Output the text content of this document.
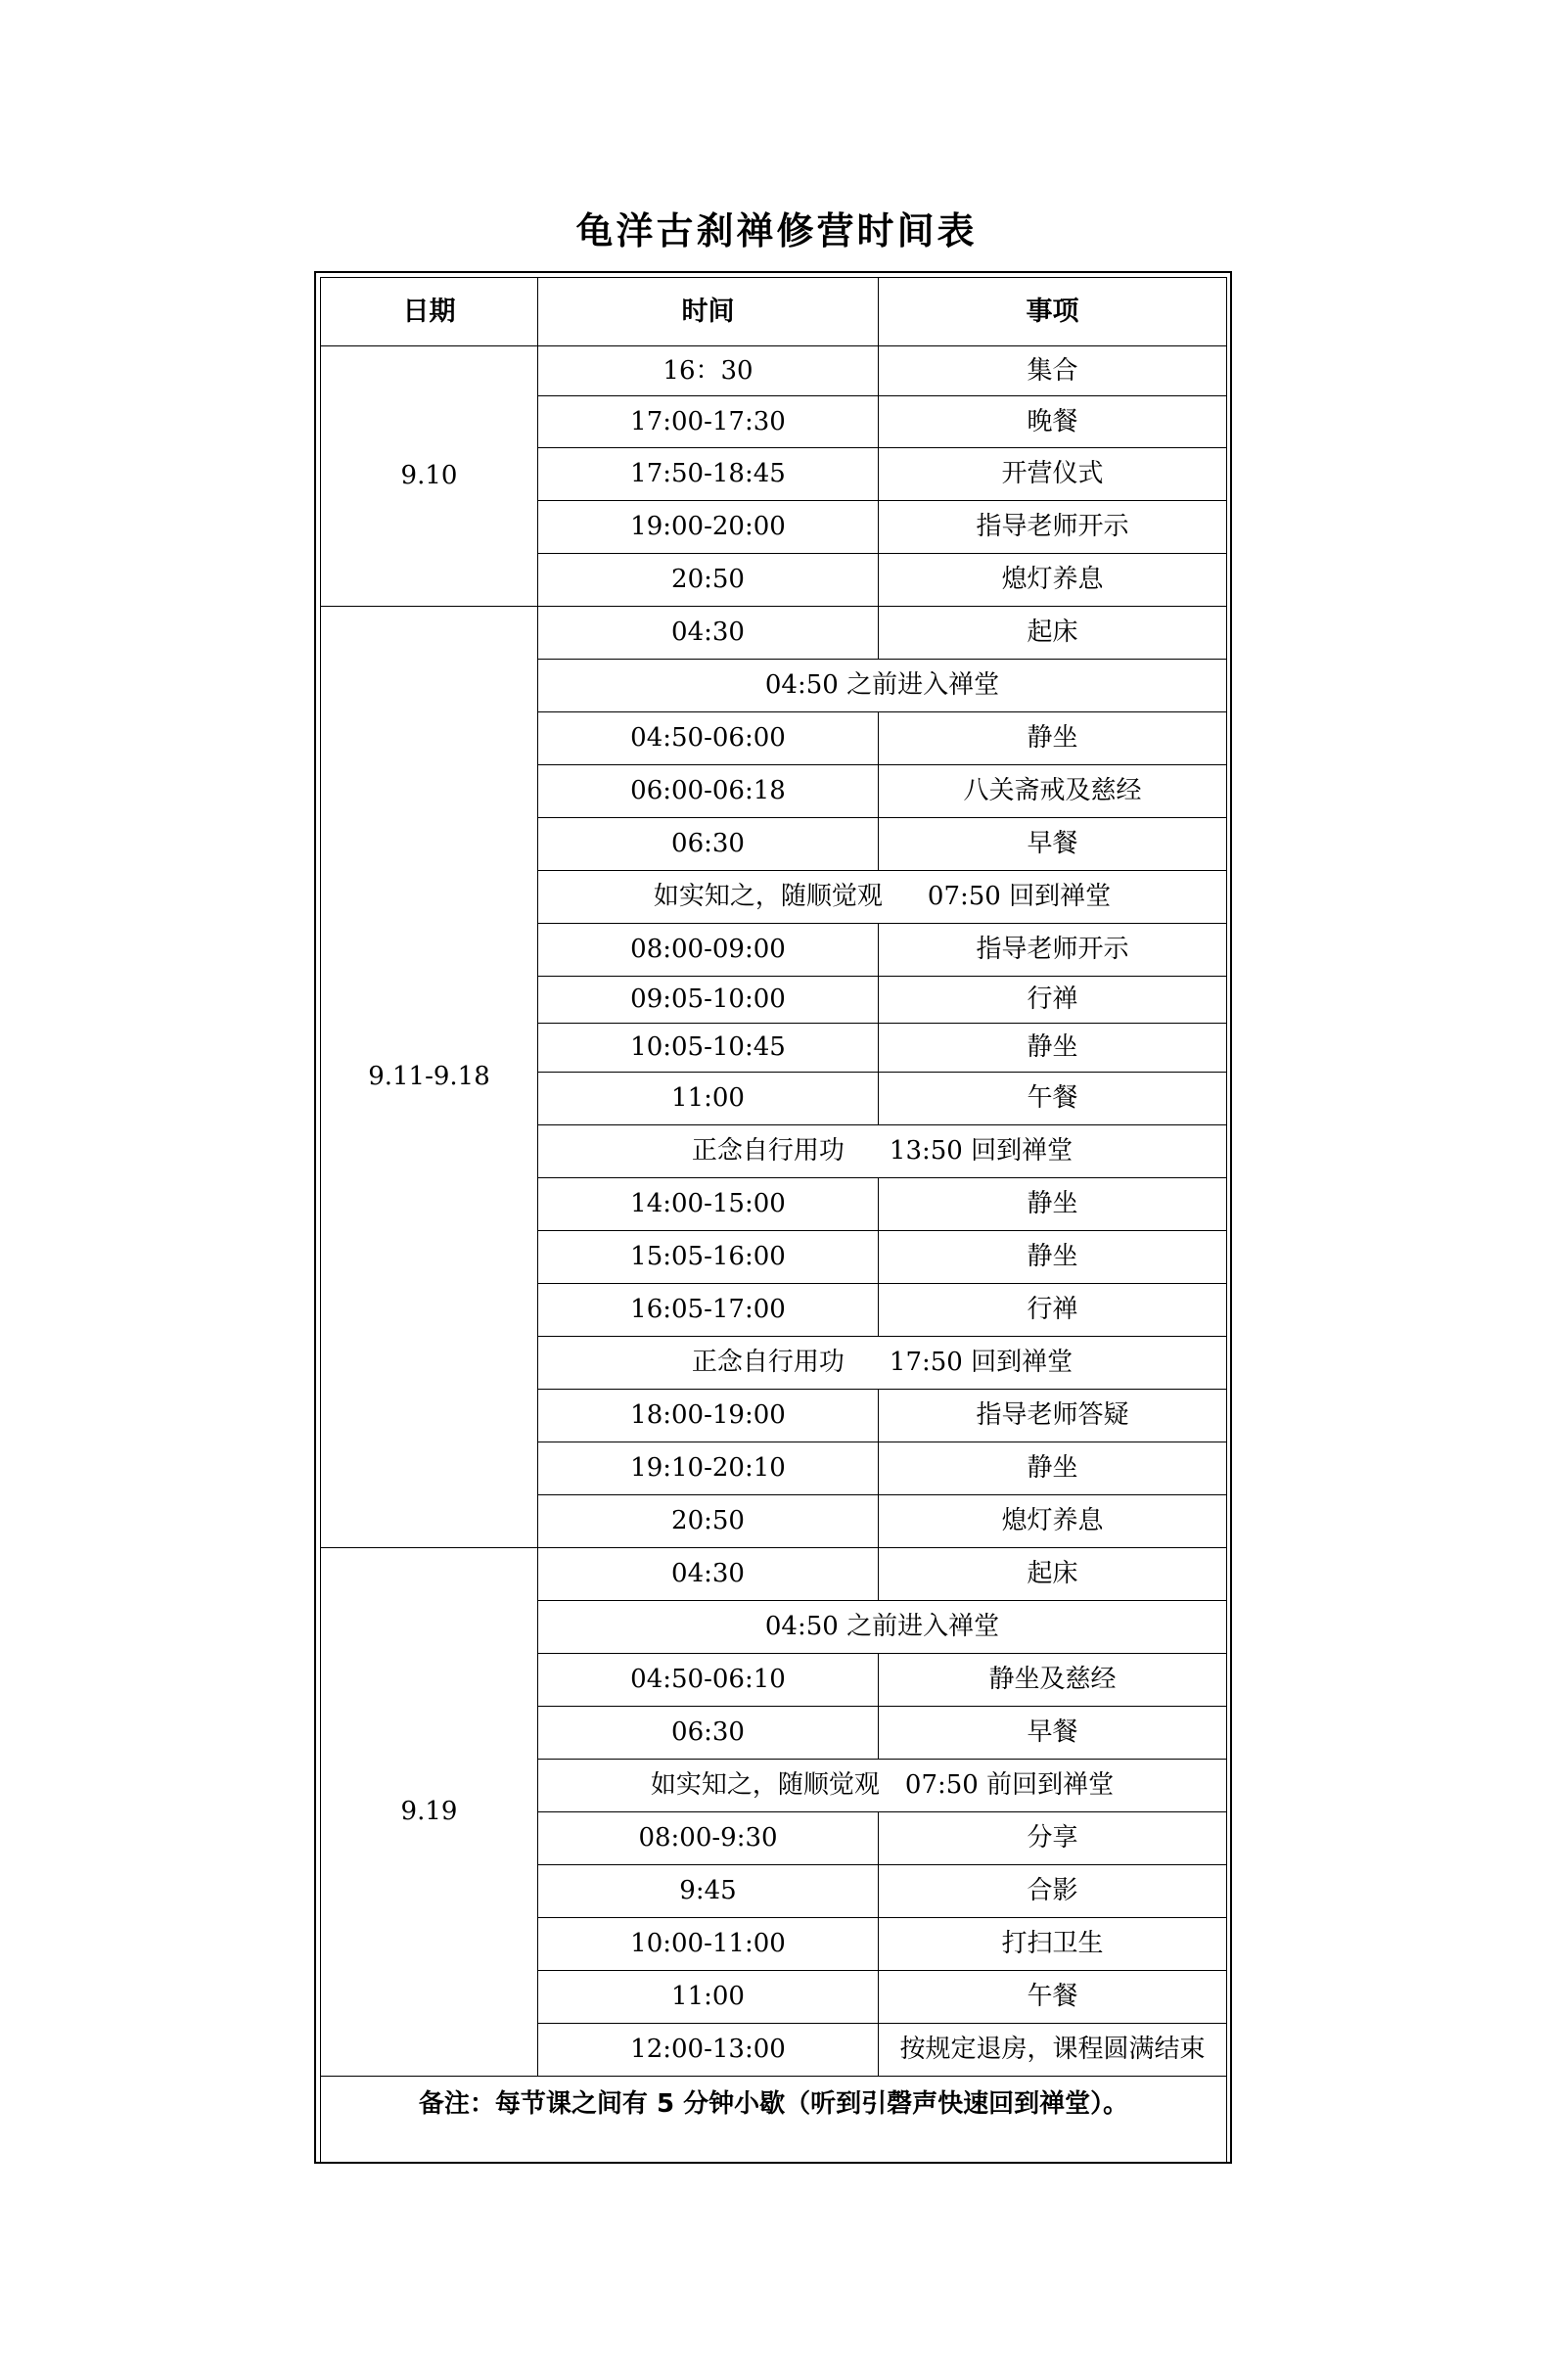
龟洋古刹禅修营时间表
日期	时间	事项
9.10	16：30	集合
	17:00-17:30	晚餐
	17:50-18:45	开营仪式
	19:00-20:00	指导老师开示
	20:50	熄灯养息
9.11-9.18	04:30	起床
	04:50 之前进入禅堂	
	04:50-06:00	静坐
	06:00-06:18	八关斋戒及慈经
	06:30	早餐
	如实知之，随顺觉观 07:50 回到禅堂	
	08:00-09:00	指导老师开示
	09:05-10:00	行禅
	10:05-10:45	静坐
	11:00	午餐
	正念自行用功 13:50 回到禅堂	
	14:00-15:00	静坐
	15:05-16:00	静坐
	16:05-17:00	行禅
	正念自行用功 17:50 回到禅堂	
	18:00-19:00	指导老师答疑
	19:10-20:10	静坐
	20:50	熄灯养息
9.19	04:30	起床
	04:50 之前进入禅堂	
	04:50-06:10	静坐及慈经
	06:30	早餐
	如实知之，随顺觉观 07:50 前回到禅堂	
	08:00-9:30	分享
	9:45	合影
	10:00-11:00	打扫卫生
	11:00	午餐
	12:00-13:00	按规定退房，课程圆满结束
备注：每节课之间有 5 分钟小歇（听到引磬声快速回到禅堂）。		
